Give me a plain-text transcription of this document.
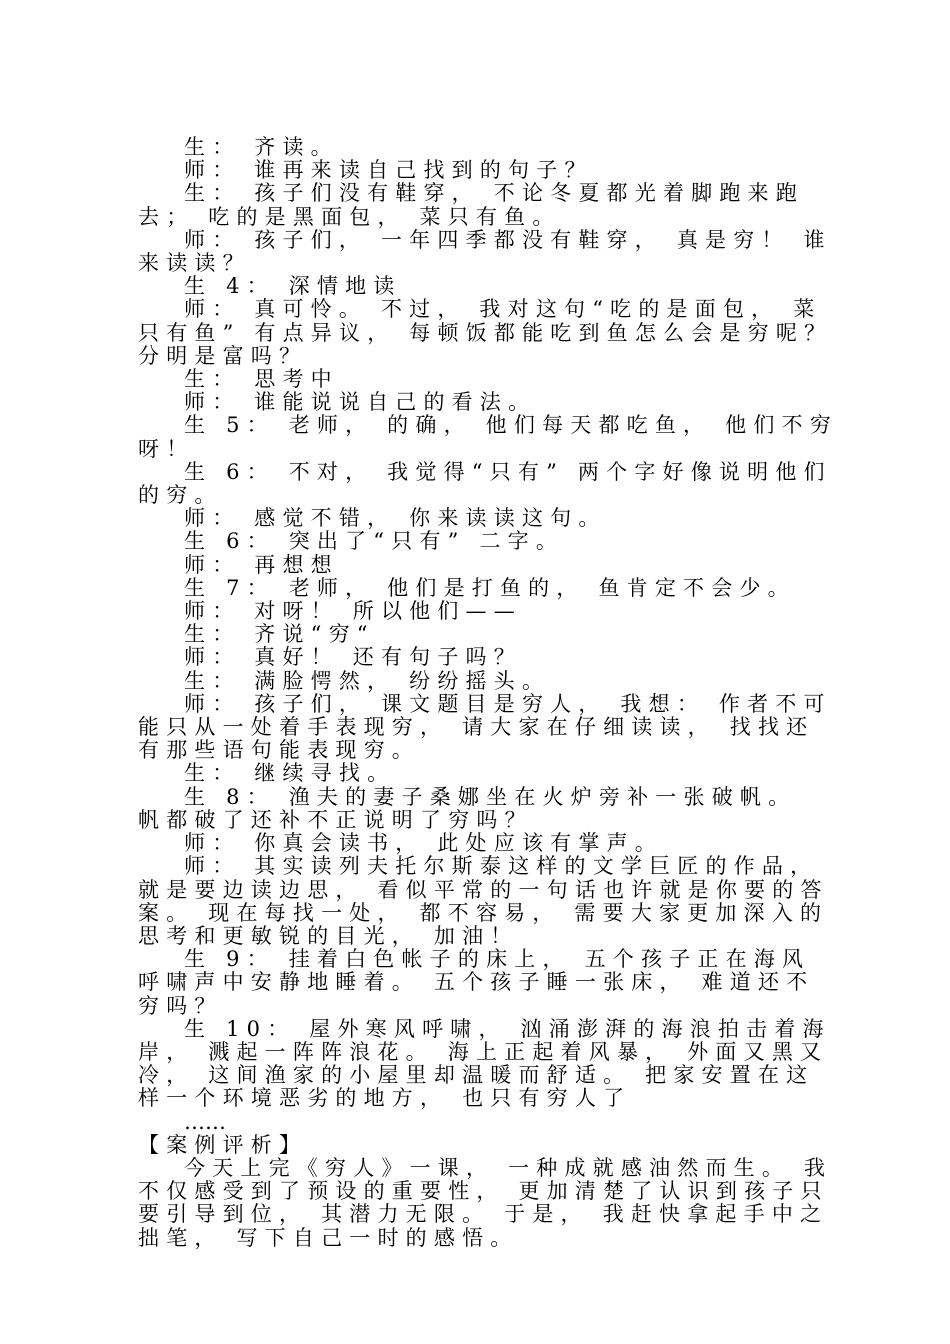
生： 齐读。

师： 谁再来读自己找到的句子？

生： 孩子们没有鞋穿， 不论冬夏都光着脚跑来跑去； 吃的是黑面包， 菜只有鱼。

师： 孩子们， 一年四季都没有鞋穿， 真是穷！ 谁来读读？

生 4： 深情地读

师： 真可怜。 不过， 我对这句“吃的是面包， 菜只有鱼” 有点异议， 每顿饭都能吃到鱼怎么会是穷呢？ 分明是富吗？

生： 思考中

师： 谁能说说自己的看法。

生 5： 老师， 的确， 他们每天都吃鱼， 他们不穷呀！

生 6： 不对， 我觉得“只有” 两个字好像说明他们的穷。

师： 感觉不错， 你来读读这句。

生 6： 突出了“只有” 二字。

师： 再想想

生 7： 老师， 他们是打鱼的， 鱼肯定不会少。

师： 对呀！ 所以他们——

生： 齐说“穷“

师： 真好！ 还有句子吗？

生： 满脸愕然， 纷纷摇头。

师： 孩子们， 课文题目是穷人， 我想： 作者不可能只从一处着手表现穷， 请大家在仔细读读， 找找还有那些语句能表现穷。

生： 继续寻找。

生 8： 渔夫的妻子桑娜坐在火炉旁补一张破帆。 帆都破了还补不正说明了穷吗？

师： 你真会读书， 此处应该有掌声。

师： 其实读列夫托尔斯泰这样的文学巨匠的作品， 就是要边读边思， 看似平常的一句话也许就是你要的答案。 现在每找一处， 都不容易， 需要大家更加深入的思考和更敏锐的目光， 加油！

生 9： 挂着白色帐子的床上， 五个孩子正在海风呼啸声中安静地睡着。 五个孩子睡一张床， 难道还不穷吗？

生 10： 屋外寒风呼啸， 汹涌澎湃的海浪拍击着海岸， 溅起一阵阵浪花。 海上正起着风暴， 外面又黑又冷， 这间渔家的小屋里却温暖而舒适。 把家安置在这样一个环境恶劣的地方， 也只有穷人了

……

【案例评析】

今天上完《穷人》一课， 一种成就感油然而生。 我不仅感受到了预设的重要性， 更加清楚了认识到孩子只要引导到位， 其潜力无限。 于是， 我赶快拿起手中之拙笔， 写下自己一时的感悟。
